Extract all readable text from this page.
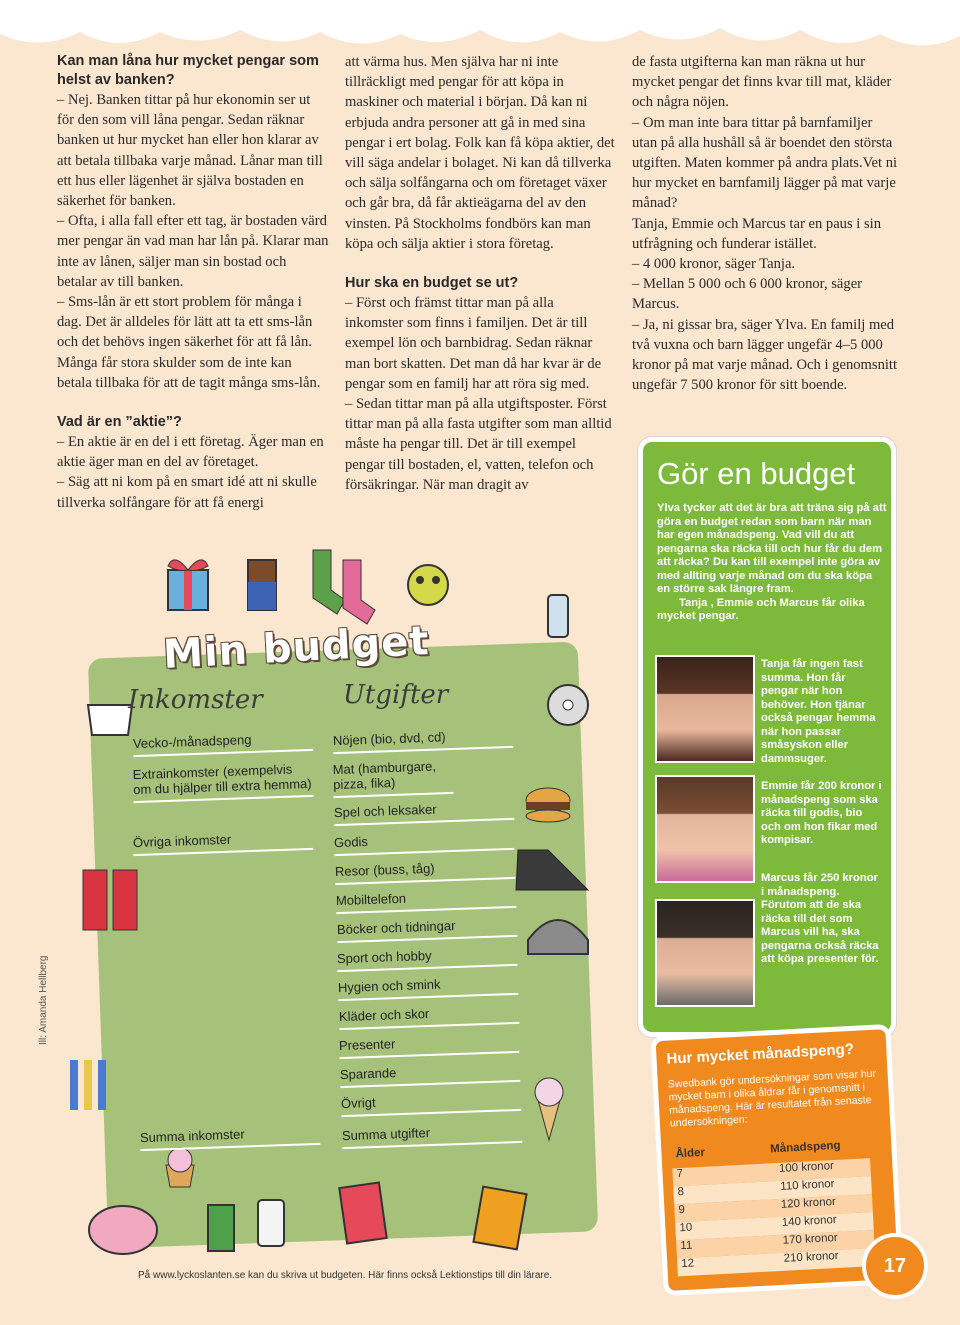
Kan man låna hur mycket pengar som helst av banken?

– Nej. Banken tittar på hur ekonomin ser ut för den som vill låna pengar. Sedan räknar banken ut hur mycket han eller hon klarar av att betala tillbaka varje månad. Lånar man till ett hus eller lägenhet är själva bostaden en säkerhet för banken.

– Ofta, i alla fall efter ett tag, är bostaden värd mer pengar än vad man har lån på. Klarar man inte av lånen, säljer man sin bostad och betalar av till banken.

– Sms-lån är ett stort problem för många i dag. Det är alldeles för lätt att ta ett sms-lån och det behövs ingen säkerhet för att få lån. Många får stora skulder som de inte kan betala tillbaka för att de tagit många sms-lån.

Vad är en ”aktie”?

– En aktie är en del i ett företag. Äger man en aktie äger man en del av företaget.

– Säg att ni kom på en smart idé att ni skulle tillverka solfångare för att få energi

att värma hus. Men själva har ni inte tillräckligt med pengar för att köpa in maskiner och material i början. Då kan ni erbjuda andra personer att gå in med sina pengar i ert bolag. Folk kan få köpa aktier, det vill säga andelar i bolaget. Ni kan då tillverka och sälja solfångarna och om företaget växer och går bra, då får aktieägarna del av den vinsten. På Stockholms fondbörs kan man köpa och sälja aktier i stora företag.

Hur ska en budget se ut?

– Först och främst tittar man på alla inkomster som finns i familjen. Det är till exempel lön och barnbidrag. Sedan räknar man bort skatten. Det man då har kvar är de pengar som en familj har att röra sig med.

– Sedan tittar man på alla utgiftsposter. Först tittar man på alla fasta utgifter som man alltid måste ha pengar till. Det är till exempel pengar till bostaden, el, vatten, telefon och försäkringar. När man dragit av

de fasta utgifterna kan man räkna ut hur mycket pengar det finns kvar till mat, kläder och några nöjen.

– Om man inte bara tittar på barnfamiljer utan på alla hushåll så är boendet den största utgiften. Maten kommer på andra plats.Vet ni hur mycket en barnfamilj lägger på mat varje månad?

Tanja, Emmie och Marcus tar en paus i sin utfrågning och funderar istället.

– 4 000 kronor, säger Tanja.

– Mellan 5 000 och 6 000 kronor, säger Marcus.

– Ja, ni gissar bra, säger Ylva. En familj med två vuxna och barn lägger ungefär 4–5 000 kronor på mat varje månad. Och i genomsnitt ungefär 7 500 kronor för sitt boende.

Ill: Amanda Hellberg
Min budget
Inkomster	Utgifter
Vecko-/månadspeng
Extrainkomster (exempelvis om du hjälper till extra hemma)
Övriga inkomster
Summa inkomster
Nöjen (bio, dvd, cd)
Mat (hamburgare, pizza, fika)
Spel och leksaker
Godis
Resor (buss, tåg)
Mobiltelefon
Böcker och tidningar
Sport och hobby
Hygien och smink
Kläder och skor
Presenter
Sparande
Övrigt
Summa utgifter
På www.lyckoslanten.se kan du skriva ut budgeten. Här finns också Lektionstips till din lärare.
Gör en budget
Ylva tycker att det är bra att träna sig på att göra en budget redan som barn när man har egen månadspeng. Vad vill du att pengarna ska räcka till och hur får du dem att räcka? Du kan till exempel inte göra av med allting varje månad om du ska köpa en större sak längre fram.
Tanja , Emmie och Marcus får olika mycket pengar.
Tanja får ingen fast summa. Hon får pengar när hon behöver. Hon tjänar också pengar hemma när hon passar småsyskon eller dammsuger.
Emmie får 200 kronor i månadspeng som ska räcka till godis, bio och om hon fikar med kompisar.
Marcus får 250 kronor i månadspeng. Förutom att de ska räcka till det som Marcus vill ha, ska pengarna också räcka att köpa presenter för.
Hur mycket månadspeng?
Swedbank gör undersökningar som visar hur mycket barn i olika åldrar får i genomsnitt i månadspeng. Här är resultatet från senaste undersökningen:
Ålder	Månadspeng
7	100 kronor
8	110 kronor
9	120 kronor
10	140 kronor
11	170 kronor
12	210 kronor	17
